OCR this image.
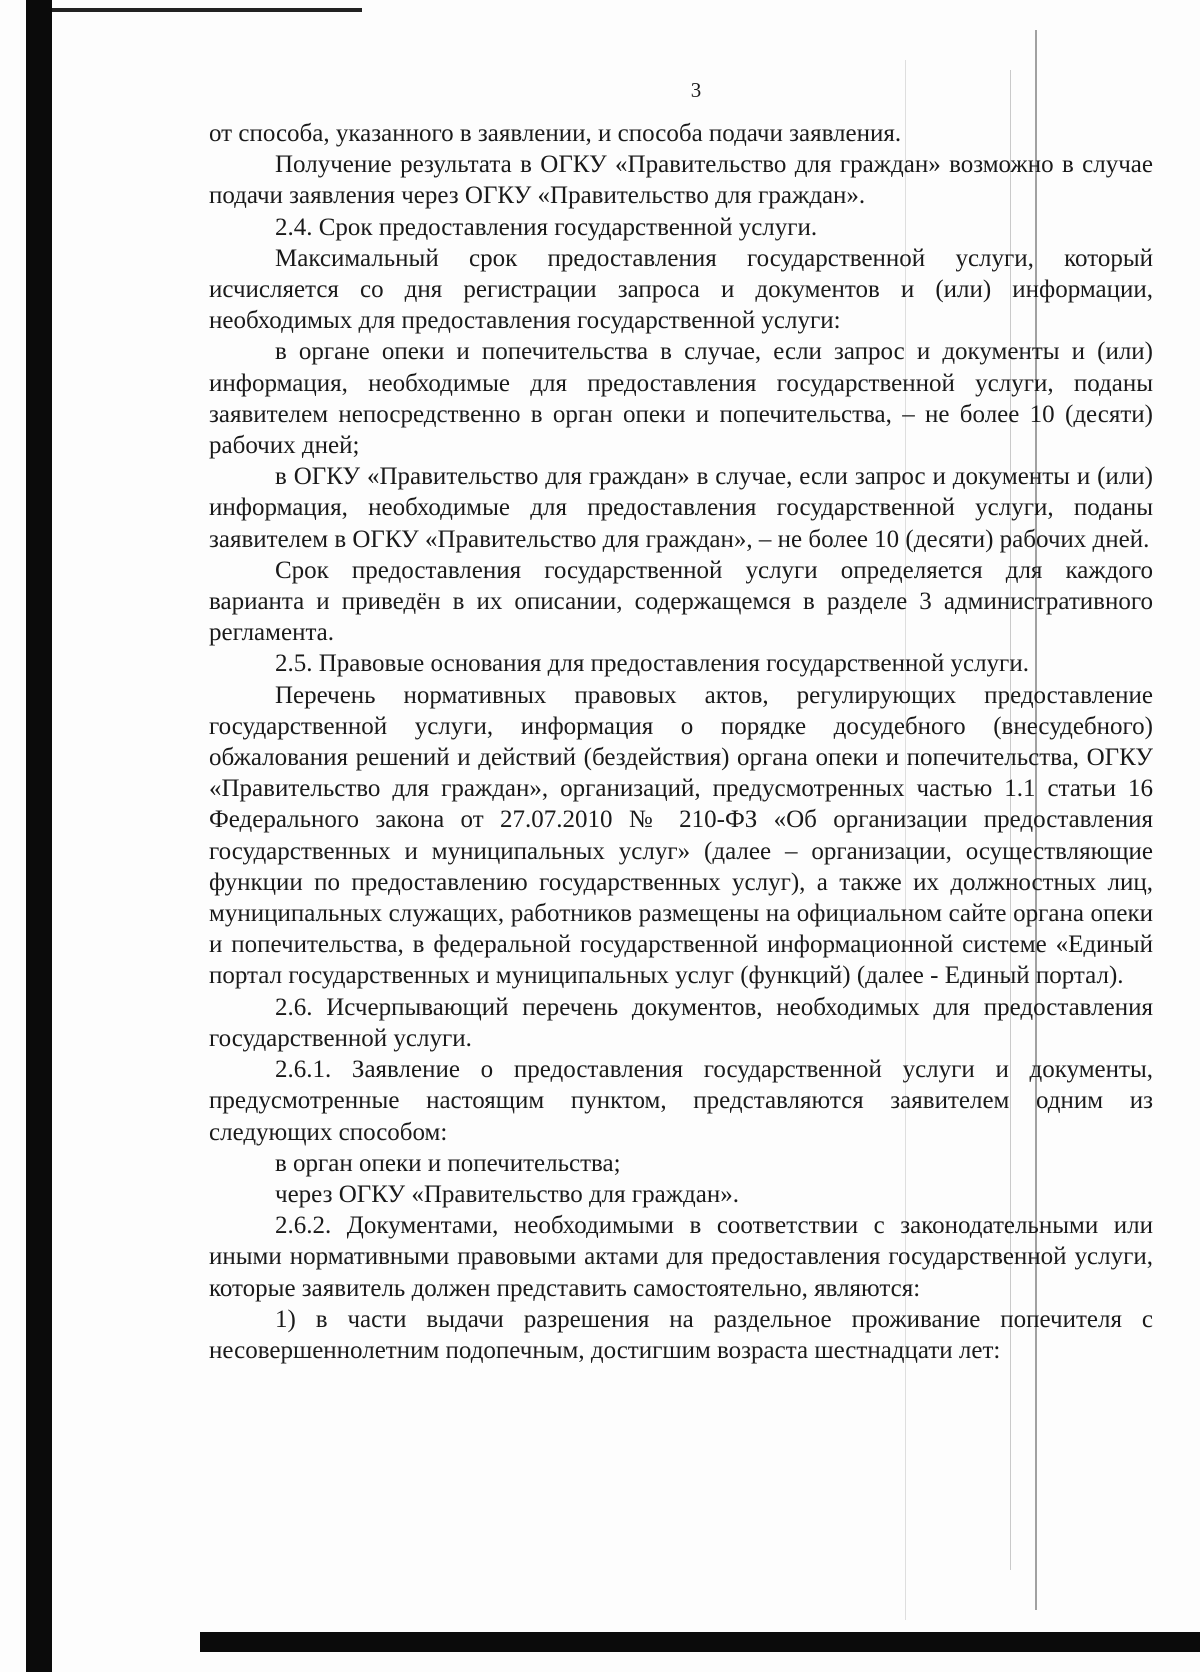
3

от способа, указанного в заявлении, и способа подачи заявления.

Получение результата в ОГКУ «Правительство для граждан» возможно в случае подачи заявления через ОГКУ «Правительство для граждан».

2.4. Срок предоставления государственной услуги.

Максимальный срок предоставления государственной услуги, который исчисляется со дня регистрации запроса и документов и (или) информации, необходимых для предоставления государственной услуги:

в органе опеки и попечительства в случае, если запрос и документы и (или) информация, необходимые для предоставления государственной услуги, поданы заявителем непосредственно в орган опеки и попечительства, – не более 10 (десяти) рабочих дней;

в ОГКУ «Правительство для граждан» в случае, если запрос и документы и (или) информация, необходимые для предоставления государственной услуги, поданы заявителем в ОГКУ «Правительство для граждан», – не более 10 (десяти) рабочих дней.

Срок предоставления государственной услуги определяется для каждого варианта и приведён в их описании, содержащемся в разделе 3 административного регламента.

2.5. Правовые основания для предоставления государственной услуги.

Перечень нормативных правовых актов, регулирующих предоставление государственной услуги, информация о порядке досудебного (внесудебного) обжалования решений и действий (бездействия) органа опеки и попечительства, ОГКУ «Правительство для граждан», организаций, предусмотренных частью 1.1 статьи 16 Федерального закона от 27.07.2010 № 210-ФЗ «Об организации предоставления государственных и муниципальных услуг» (далее – организации, осуществляющие функции по предоставлению государственных услуг), а также их должностных лиц, муниципальных служащих, работников размещены на официальном сайте органа опеки и попечительства, в федеральной государственной информационной системе «Единый портал государственных и муниципальных услуг (функций) (далее - Единый портал).

2.6. Исчерпывающий перечень документов, необходимых для предоставления государственной услуги.

2.6.1. Заявление о предоставления государственной услуги и документы, предусмотренные настоящим пунктом, представляются заявителем одним из следующих способом:

в орган опеки и попечительства;

через ОГКУ «Правительство для граждан».

2.6.2. Документами, необходимыми в соответствии с законодательными или иными нормативными правовыми актами для предоставления государственной услуги, которые заявитель должен представить самостоятельно, являются:

1) в части выдачи разрешения на раздельное проживание попечителя с несовершеннолетним подопечным, достигшим возраста шестнадцати лет:
